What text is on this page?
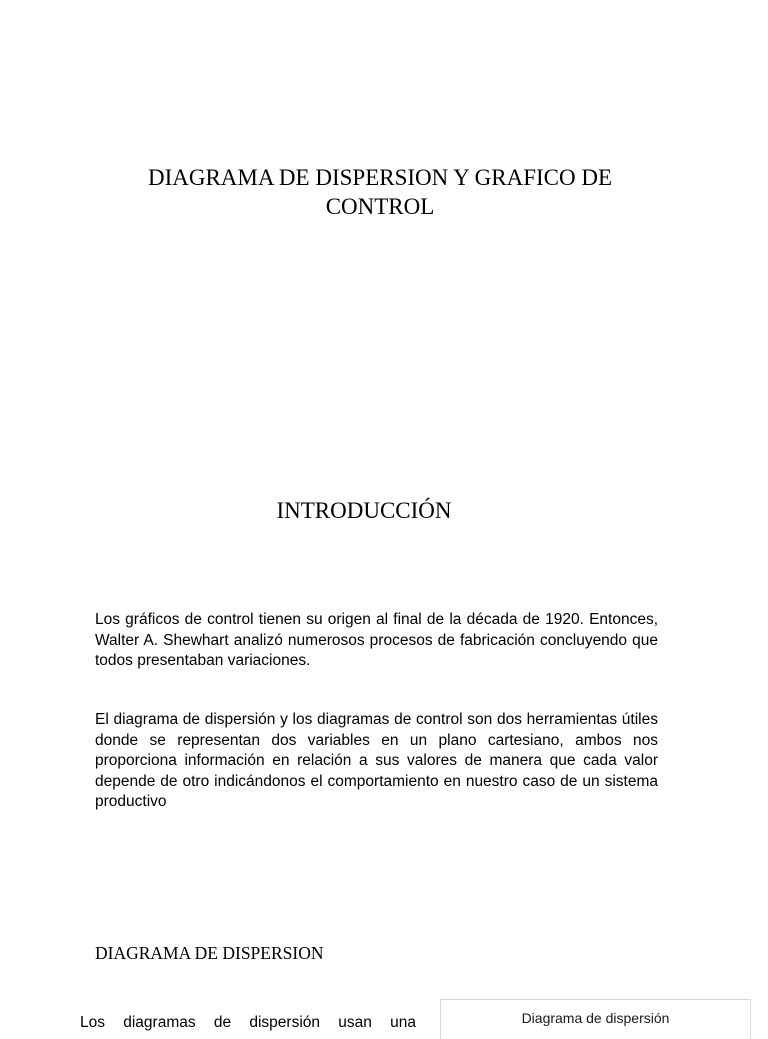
DIAGRAMA DE DISPERSION Y GRAFICO DE
CONTROL
INTRODUCCIÓN

Los gráficos de control tienen su origen al final de la década de 1920. Entonces, Walter A. Shewhart analizó numerosos procesos de fabricación concluyendo que todos presentaban variaciones.

El diagrama de dispersión y los diagramas de control son dos herramientas útiles donde se representan dos variables en un plano cartesiano, ambos nos proporciona información en relación a sus valores de manera que cada valor depende de otro indicándonos el comportamiento en nuestro caso de un sistema productivo

DIAGRAMA DE DISPERSION

Los diagramas de dispersión usan una	Diagrama de dispersión
